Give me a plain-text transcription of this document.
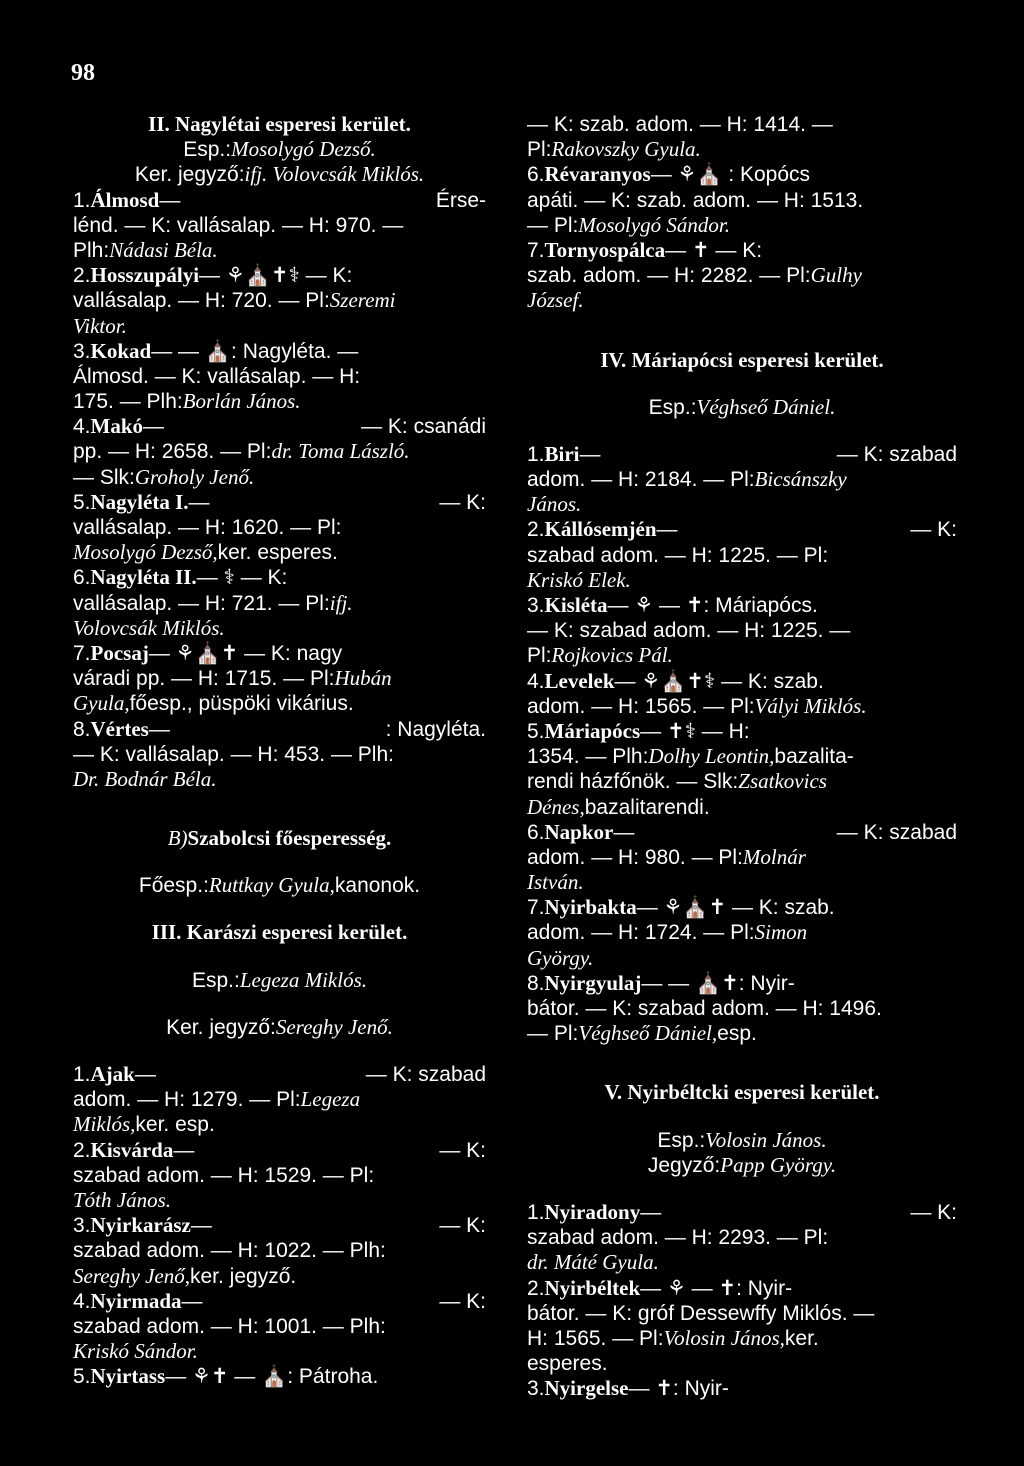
98
II. Nagylétai esperesi kerület.
Esp.: Mosolygó Dezső.
Ker. jegyző: ifj. Volovcsák Miklós.
1. Álmosd —	Érse-
lénd. — K: vallásalap. — H: 970. —
Plh: Nádasi Béla.
2. Hosszupályi — ⚘⛪✝⚕ — K:
vallásalap. — H: 720. — Pl: Szeremi
Viktor.
3. Kokad — — ⛪: Nagyléta. —
Álmosd. — K: vallásalap. — H:
175. — Plh: Borlán János.
4. Makó —	— K: csanádi
pp. — H: 2658. — Pl: dr. Toma László.
— Slk: Groholy Jenő.
5. Nagyléta I. —	— K:
vallásalap. — H: 1620. — Pl:
Mosolygó Dezső, ker. esperes.
6. Nagyléta II. — ⚕ — K:
vallásalap. — H: 721. — Pl: ifj.
Volovcsák Miklós.
7. Pocsaj — ⚘⛪✝ — K: nagy
váradi pp. — H: 1715. — Pl: Hubán
Gyula, főesp., püspöki vikárius.
8. Vértes —	: Nagyléta.
— K: vallásalap. — H: 453. — Plh:
Dr. Bodnár Béla.
B) Szabolcsi főesperesség.
Főesp.: Ruttkay Gyula, kanonok.
III. Karászi esperesi kerület.
Esp.: Legeza Miklós.
Ker. jegyző: Sereghy Jenő.
1. Ajak —	— K: szabad
adom. — H: 1279. — Pl: Legeza
Miklós, ker. esp.
2. Kisvárda —	— K:
szabad adom. — H: 1529. — Pl:
Tóth János.
3. Nyirkarász —	— K:
szabad adom. — H: 1022. — Plh:
Sereghy Jenő, ker. jegyző.
4. Nyirmada —	— K:
szabad adom. — H: 1001. — Plh:
Kriskó Sándor.
5. Nyirtass — ⚘✝ — ⛪: Pátroha.
— K: szab. adom. — H: 1414. —
Pl: Rakovszky Gyula.
6. Révaranyos — ⚘⛪ : Kopócs
apáti. — K: szab. adom. — H: 1513.
— Pl: Mosolygó Sándor.
7. Tornyospálca — ✝ — K:
szab. adom. — H: 2282. — Pl: Gulhy
József.
IV. Máriapócsi esperesi kerület.
Esp.: Véghseő Dániel.
1. Biri —	— K: szabad
adom. — H: 2184. — Pl: Bicsánszky
János.
2. Kállósemjén —	— K:
szabad adom. — H: 1225. — Pl:
Kriskó Elek.
3. Kisléta — ⚘ — ✝: Máriapócs.
— K: szabad adom. — H: 1225. —
Pl: Rojkovics Pál.
4. Levelek — ⚘⛪✝⚕ — K: szab.
adom. — H: 1565. — Pl: Vályi Miklós.
5. Máriapócs — ✝⚕ — H:
1354. — Plh: Dolhy Leontin, bazalita-
rendi házfőnök. — Slk: Zsatkovics
Dénes, bazalitarendi.
6. Napkor —	— K: szabad
adom. — H: 980. — Pl: Molnár
István.
7. Nyirbakta — ⚘⛪✝ — K: szab.
adom. — H: 1724. — Pl: Simon
György.
8. Nyirgyulaj — — ⛪✝: Nyir-
bátor. — K: szabad adom. — H: 1496.
— Pl: Véghseő Dániel, esp.
V. Nyirbéltcki esperesi kerület.
Esp.: Volosin János.
Jegyző: Papp György.
1. Nyiradony —	— K:
szabad adom. — H: 2293. — Pl:
dr. Máté Gyula.
2. Nyirbéltek — ⚘ — ✝: Nyir-
bátor. — K: gróf Dessewffy Miklós. —
H: 1565. — Pl: Volosin János, ker.
esperes.
3. Nyirgelse — ✝: Nyir-
